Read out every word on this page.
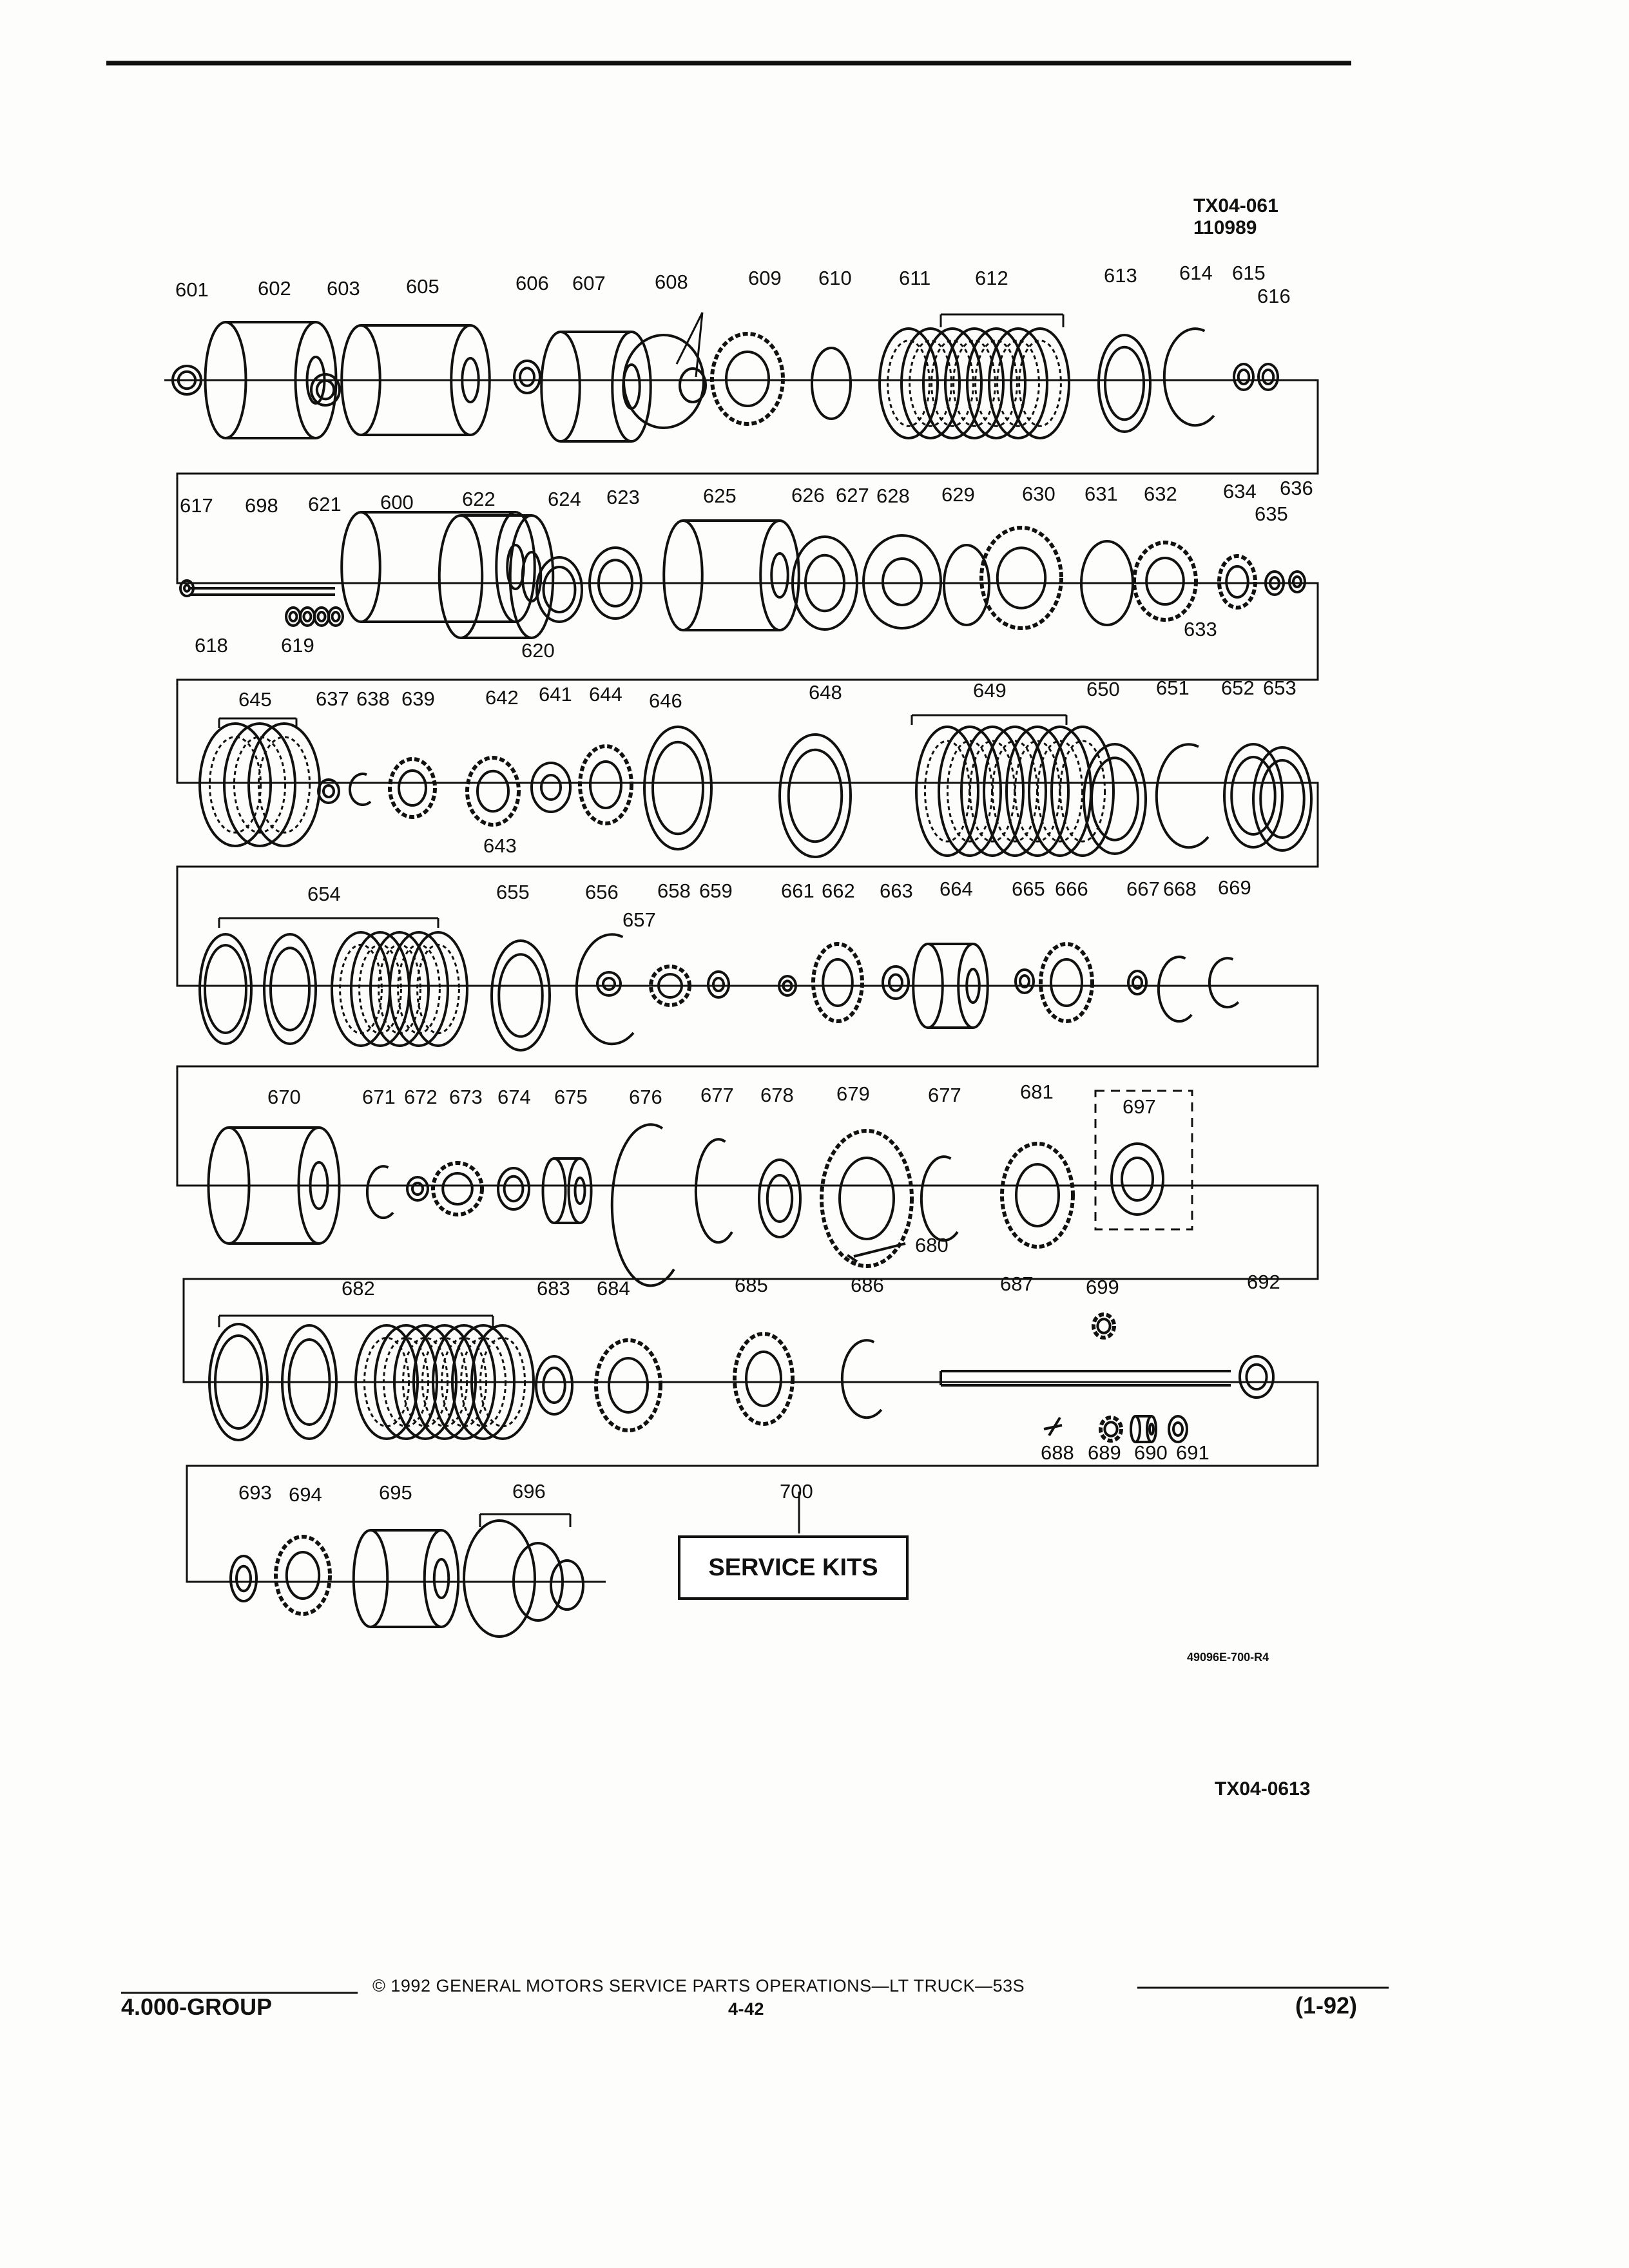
601 602 603 605	606 607 608	609 610 611 612	613 614 615
616
617 698 621 600 622	624 623	625	626 627 628 629 630 631 632 634 636
635
633
618	619	620
645 637 638 639	642 641 644 646	648	649	650 651 652 653
643
654	655	656
657
658 659 661 662 663 664 665 666 667 668 669
670	671 672 673 674 675 676 677 678 679	677	681
697
680
682	683 684	685	686	687	699	692
688 689 690 691
693 694	695	696	700
TX04-061
110989
SERVICE KITS
49096E-700-R4
TX04-0613
© 1992 GENERAL MOTORS SERVICE PARTS OPERATIONS—LT TRUCK—53S
4-42
4.000-GROUP	(1-92)
